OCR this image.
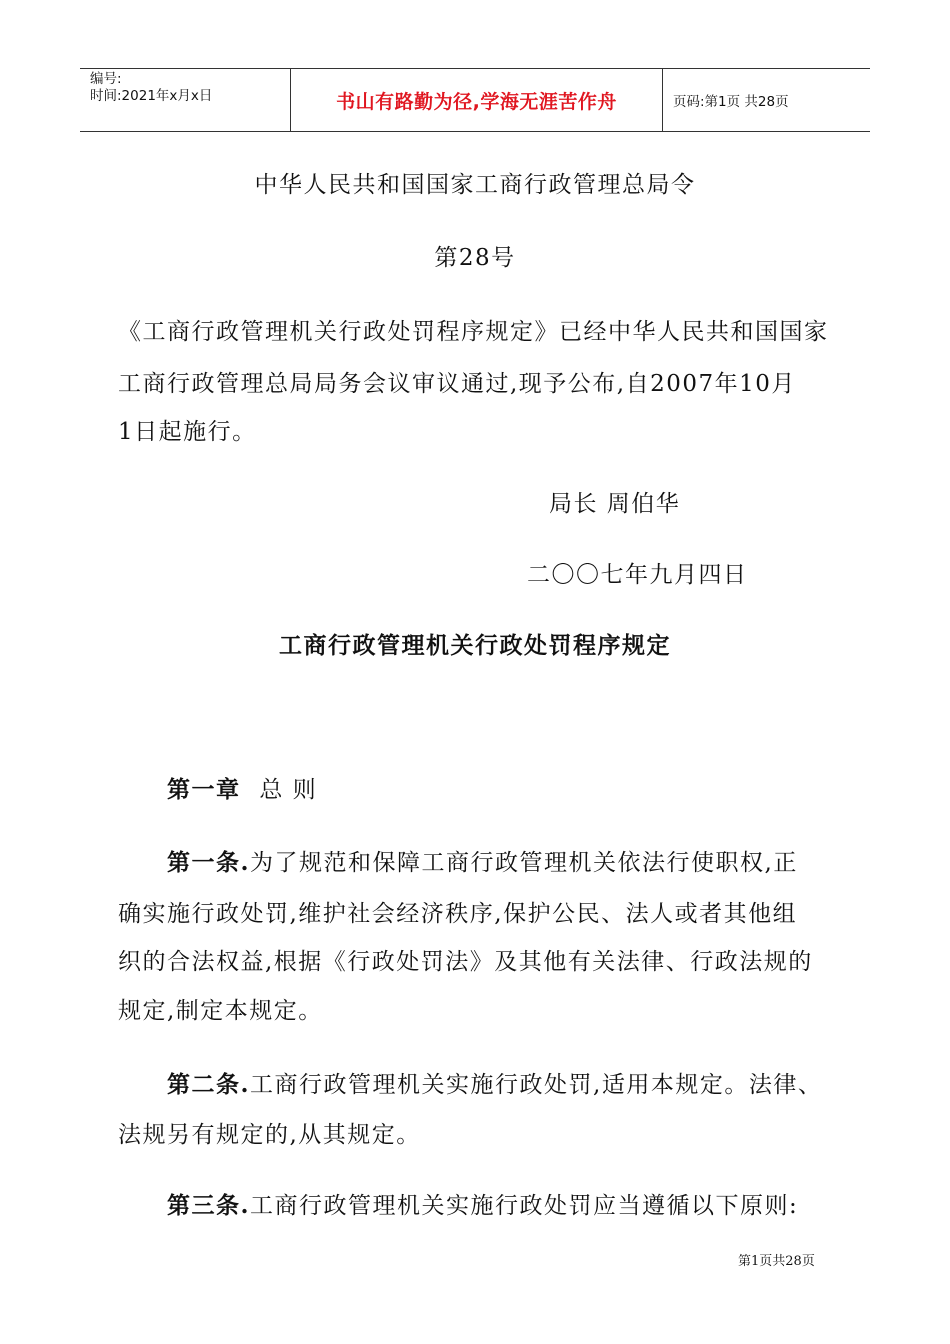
编号:
时间:2021年x月x日	书山有路勤为径,学海无涯苦作舟	页码:第1页 共28页
中华人民共和国国家工商行政管理总局令
第28号
《工商行政管理机关行政处罚程序规定》已经中华人民共和国国家
工商行政管理总局局务会议审议通过,现予公布,自2007年10月
1日起施行。
局长 周伯华
二〇〇七年九月四日
工商行政管理机关行政处罚程序规定
第一章 总 则
第一条.为了规范和保障工商行政管理机关依法行使职权,正
确实施行政处罚,维护社会经济秩序,保护公民、法人或者其他组
织的合法权益,根据《行政处罚法》及其他有关法律、行政法规的
规定,制定本规定。
第二条.工商行政管理机关实施行政处罚,适用本规定。法律、
法规另有规定的,从其规定。
第三条.工商行政管理机关实施行政处罚应当遵循以下原则:
第1页共28页
